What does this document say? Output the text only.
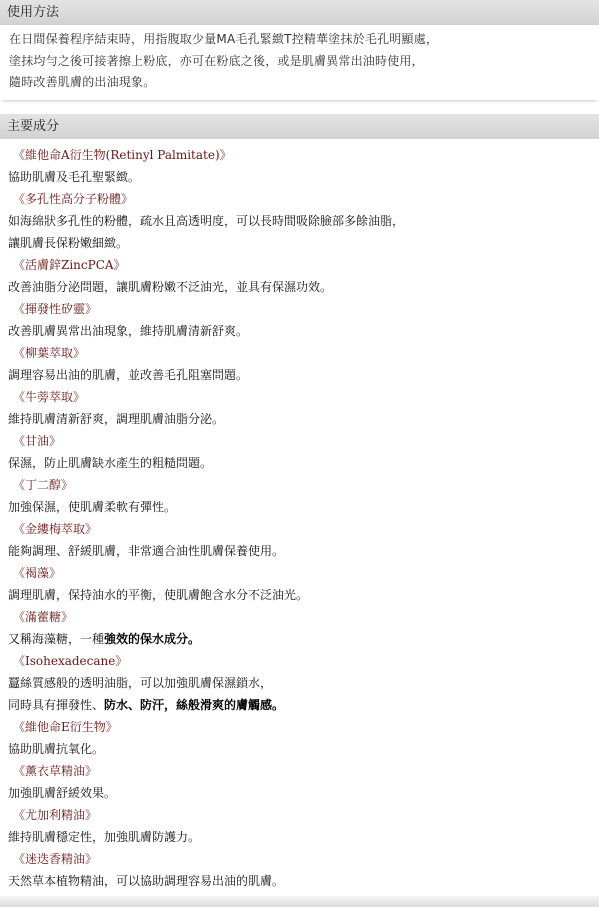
使用方法
在日間保養程序結束時，用指腹取少量MA毛孔緊緻T控精華塗抹於毛孔明顯處，
塗抹均勻之後可接著擦上粉底，亦可在粉底之後，或是肌膚異常出油時使用，
隨時改善肌膚的出油現象。
主要成分
《維他命A衍生物(Retinyl Palmitate)》
協助肌膚及毛孔聖緊緻。
《多孔性高分子粉體》
如海綿狀多孔性的粉體，疏水且高透明度，可以長時間吸除臉部多餘油脂，
讓肌膚長保粉嫩細緻。
《活膚鋅ZincPCA》
改善油脂分泌問題，讓肌膚粉嫩不泛油光，並具有保濕功效。
《揮發性矽靈》
改善肌膚異常出油現象，維持肌膚清新舒爽。
《柳葉萃取》
調理容易出油的肌膚，並改善毛孔阻塞問題。
《牛蒡萃取》
維持肌膚清新舒爽，調理肌膚油脂分泌。
《甘油》
保濕，防止肌膚缺水產生的粗糙問題。
《丁二醇》
加強保濕，使肌膚柔軟有彈性。
《金縷梅萃取》
能夠調理、舒緩肌膚，非常適合油性肌膚保養使用。
《褐藻》
調理肌膚，保持油水的平衡，使肌膚飽含水分不泛油光。
《滿藿糖》
又稱海藻糖，一種強效的保水成分。
《Isohexadecane》
蠶絲質感般的透明油脂，可以加強肌膚保濕鎖水，
同時具有揮發性、防水、防汗，絲般滑爽的膚觸感。
《維他命E衍生物》
協助肌膚抗氧化。
《薰衣草精油》
加強肌膚舒緩效果。
《尤加利精油》
維持肌膚穩定性，加強肌膚防護力。
《迷迭香精油》
天然草本植物精油，可以協助調理容易出油的肌膚。
